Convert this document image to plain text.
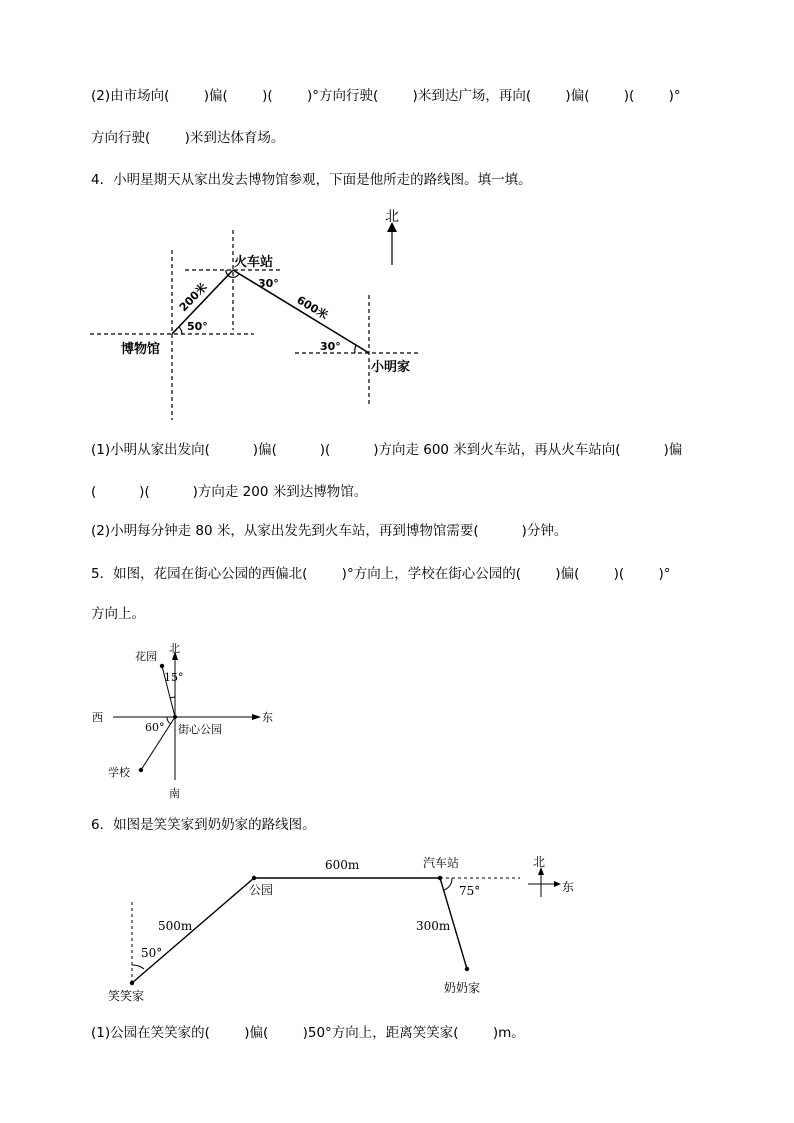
(2)由市场向(        )偏(        )(        )°方向行驶(        )米到达广场，再向(        )偏(        )(        )°
方向行驶(        )米到达体育场。
4．小明星期天从家出发去博物馆参观，下面是他所走的路线图。填一填。
(1)小明从家出发向(          )偏(          )(          )方向走 600 米到火车站，再从火车站向(          )偏
(          )(          )方向走 200 米到达博物馆。
(2)小明每分钟走 80 米，从家出发先到火车站，再到博物馆需要(          )分钟。
5．如图，花园在街心公园的西偏北(        )°方向上，学校在街心公园的(        )偏(        )(        )°
方向上。
6．如图是笑笑家到奶奶家的路线图。
(1)公园在笑笑家的(        )偏(        )50°方向上，距离笑笑家(        )m。
北
火车站
30°
50°
博物馆	30°
小明家
200米	600米
北
南
东
西
花园
学校
街心公园
15°
60°
笑笑家
公园
汽车站
奶奶家
500m
600m
300m
50°
75°
北
东
